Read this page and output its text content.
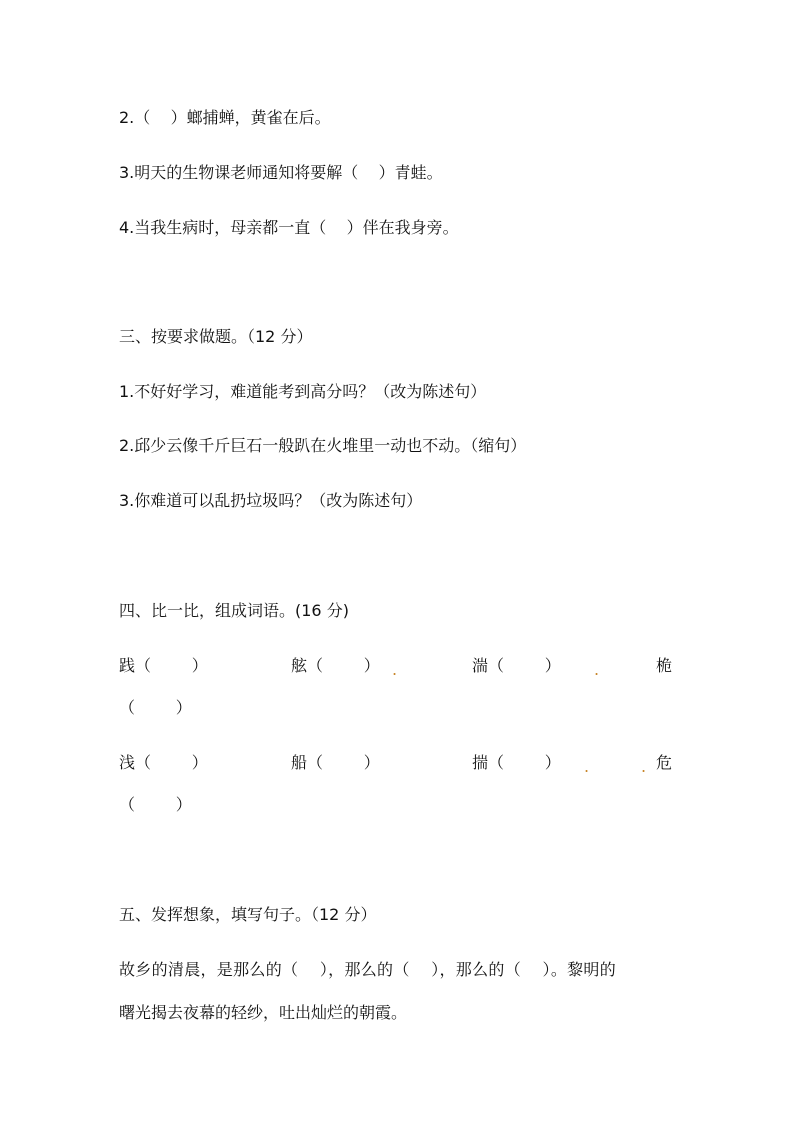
2.（    ）螂捕蝉，黄雀在后。

3.明天的生物课老师通知将要解（    ）青蛙。

4.当我生病时，母亲都一直（    ）伴在我身旁。

三、按要求做题。（12 分）

1.不好好学习，难道能考到高分吗？（改为陈述句）

2.邱少云像千斤巨石一般趴在火堆里一动也不动。（缩句）

3.你难道可以乱扔垃圾吗？（改为陈述句）

四、比一比，组成词语。(16 分)

践（        ）	舷（        ） .	湍（        ） .	桅
（        ）
浅（        ）	船（        ）	揣（        ） .	. 危
（        ）

五、发挥想象，填写句子。（12 分）

故乡的清晨，是那么的（    ），那么的（    ），那么的（    ）。黎明的

曙光揭去夜幕的轻纱，吐出灿烂的朝霞。
